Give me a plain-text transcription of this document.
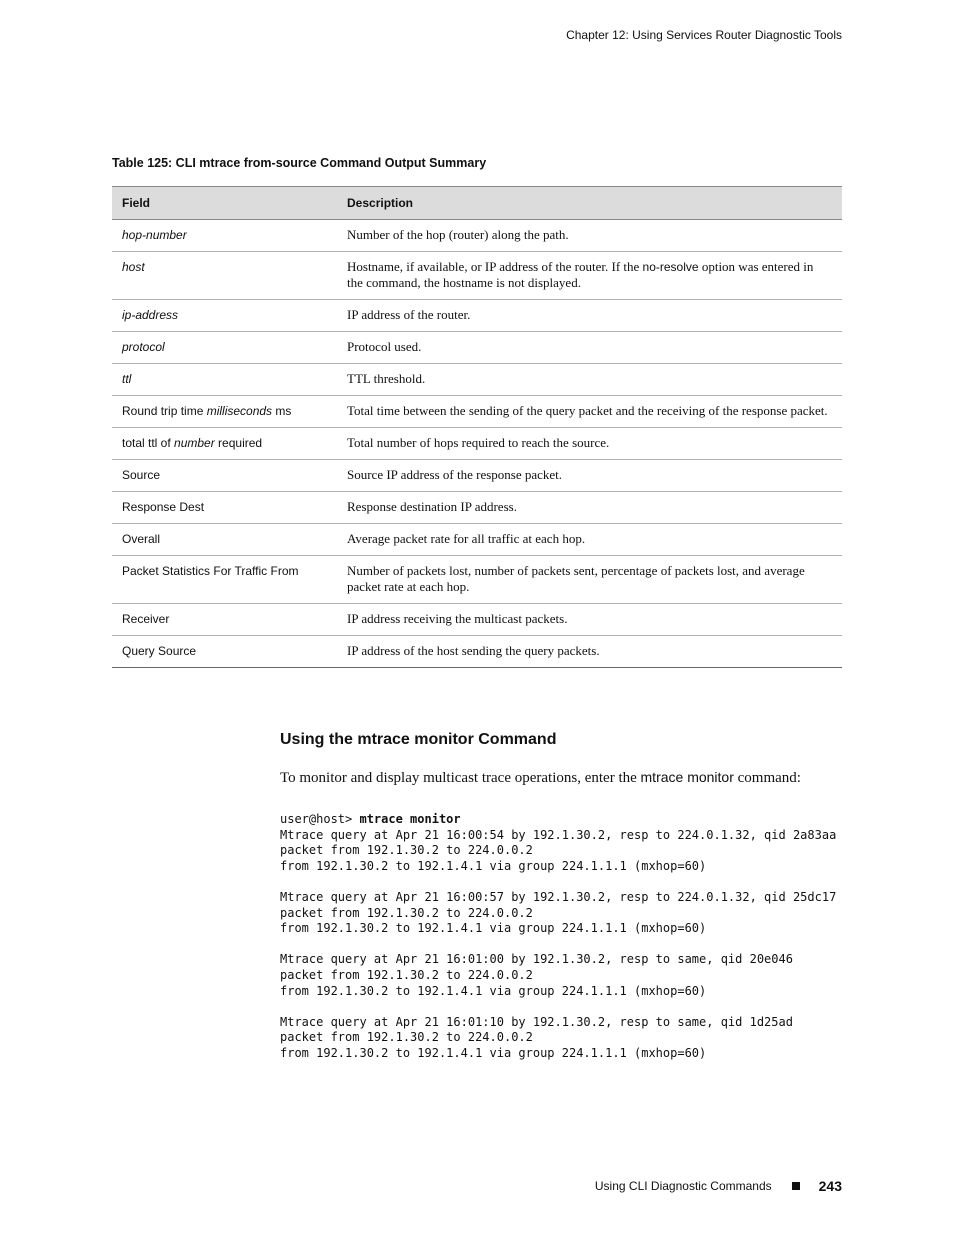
Chapter 12: Using Services Router Diagnostic Tools
Table 125: CLI mtrace from-source Command Output Summary
Field	Description
hop-number	Number of the hop (router) along the path.
host	Hostname, if available, or IP address of the router. If the no-resolve option was entered in the command, the hostname is not displayed.
ip-address	IP address of the router.
protocol	Protocol used.
ttl	TTL threshold.
Round trip time milliseconds ms	Total time between the sending of the query packet and the receiving of the response packet.
total ttl of number required	Total number of hops required to reach the source.
Source	Source IP address of the response packet.
Response Dest	Response destination IP address.
Overall	Average packet rate for all traffic at each hop.
Packet Statistics For Traffic From	Number of packets lost, number of packets sent, percentage of packets lost, and average packet rate at each hop.
Receiver	IP address receiving the multicast packets.
Query Source	IP address of the host sending the query packets.
Using the mtrace monitor Command
To monitor and display multicast trace operations, enter the mtrace monitor command:
user@host> mtrace monitor
Mtrace query at Apr 21 16:00:54 by 192.1.30.2, resp to 224.0.1.32, qid 2a83aa
packet from 192.1.30.2 to 224.0.0.2
from 192.1.30.2 to 192.1.4.1 via group 224.1.1.1 (mxhop=60)

Mtrace query at Apr 21 16:00:57 by 192.1.30.2, resp to 224.0.1.32, qid 25dc17
packet from 192.1.30.2 to 224.0.0.2
from 192.1.30.2 to 192.1.4.1 via group 224.1.1.1 (mxhop=60)

Mtrace query at Apr 21 16:01:00 by 192.1.30.2, resp to same, qid 20e046
packet from 192.1.30.2 to 224.0.0.2
from 192.1.30.2 to 192.1.4.1 via group 224.1.1.1 (mxhop=60)

Mtrace query at Apr 21 16:01:10 by 192.1.30.2, resp to same, qid 1d25ad
packet from 192.1.30.2 to 224.0.0.2
from 192.1.30.2 to 192.1.4.1 via group 224.1.1.1 (mxhop=60)
Using CLI Diagnostic Commands	243
